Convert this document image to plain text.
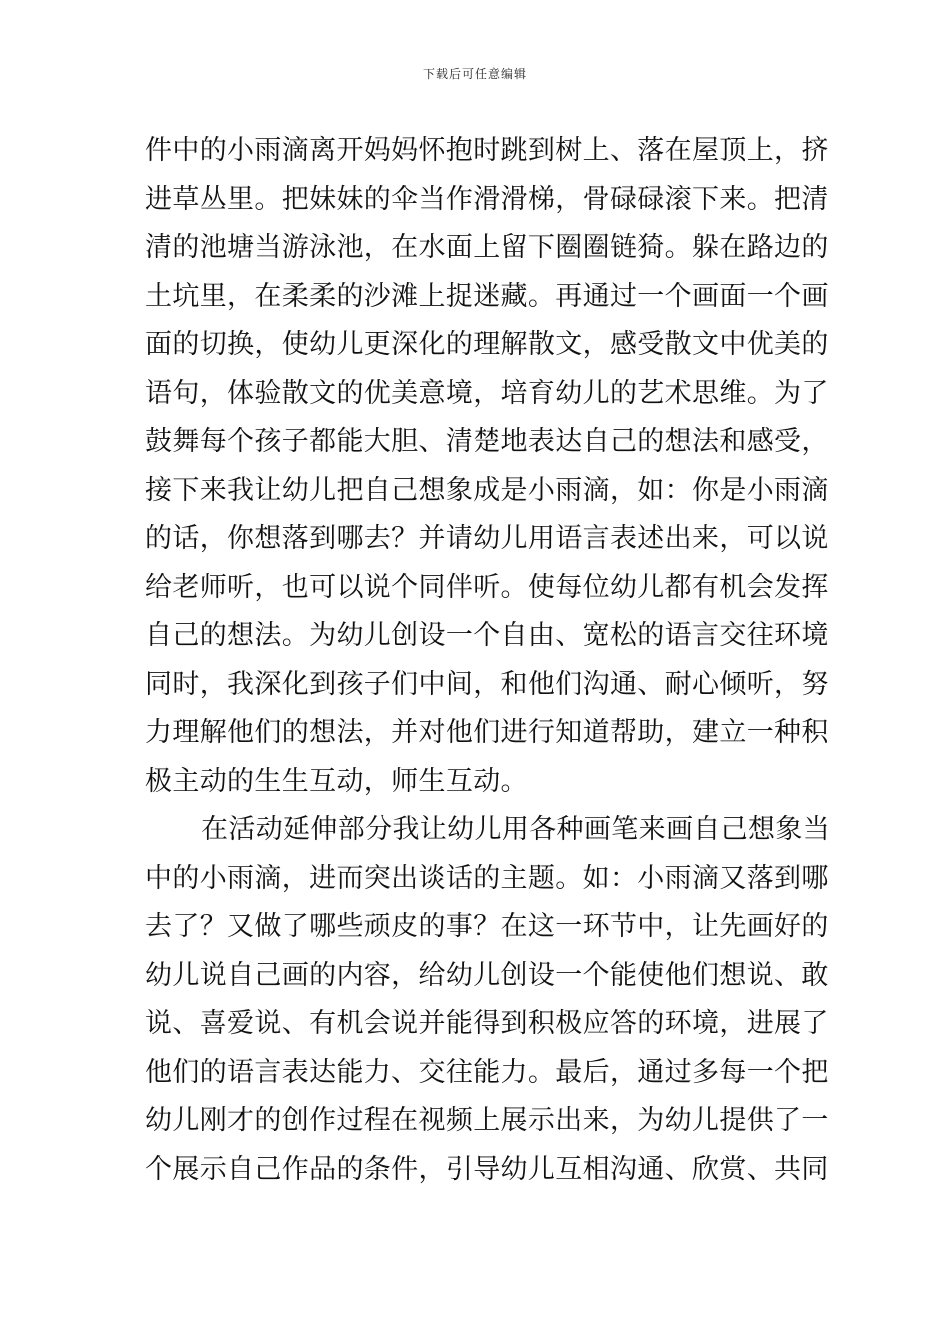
下载后可任意编辑
件中的小雨滴离开妈妈怀抱时跳到树上、落在屋顶上，挤
进草丛里。把妹妹的伞当作滑滑梯，骨碌碌滚下来。把清
清的池塘当游泳池，在水面上留下圈圈链猗。躲在路边的
土坑里，在柔柔的沙滩上捉迷藏。再通过一个画面一个画
面的切换，使幼儿更深化的理解散文，感受散文中优美的
语句，体验散文的优美意境，培育幼儿的艺术思维。为了
鼓舞每个孩子都能大胆、清楚地表达自己的想法和感受，
接下来我让幼儿把自己想象成是小雨滴，如：你是小雨滴
的话，你想落到哪去？并请幼儿用语言表述出来，可以说
给老师听，也可以说个同伴听。使每位幼儿都有机会发挥
自己的想法。为幼儿创设一个自由、宽松的语言交往环境
同时，我深化到孩子们中间，和他们沟通、耐心倾听，努
力理解他们的想法，并对他们进行知道帮助，建立一种积
极主动的生生互动，师生互动。
在活动延伸部分我让幼儿用各种画笔来画自己想象当
中的小雨滴，进而突出谈话的主题。如：小雨滴又落到哪
去了？又做了哪些顽皮的事？在这一环节中，让先画好的
幼儿说自己画的内容，给幼儿创设一个能使他们想说、敢
说、喜爱说、有机会说并能得到积极应答的环境，进展了
他们的语言表达能力、交往能力。最后，通过多每一个把
幼儿刚才的创作过程在视频上展示出来，为幼儿提供了一
个展示自己作品的条件，引导幼儿互相沟通、欣赏、共同
